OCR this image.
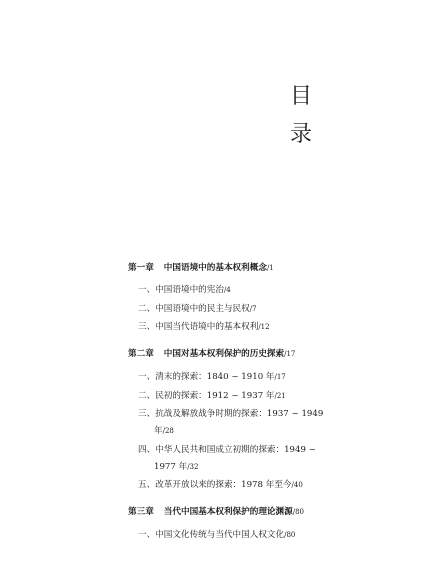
目
录
第一章 中国语境中的基本权利概念/1
一、中国语境中的宪治/4
二、中国语境中的民主与民权/7
三、中国当代语境中的基本权利/12
第二章 中国对基本权利保护的历史探索/17
一、清末的探索：1840 ~ 1910 年/17
二、民初的探索：1912 ~ 1937 年/21
三、抗战及解放战争时期的探索：1937 ~ 1949
年/28
四、中华人民共和国成立初期的探索：1949 ~
1977 年/32
五、改革开放以来的探索：1978 年至今/40
第三章 当代中国基本权利保护的理论渊源/80
一、中国文化传统与当代中国人权文化/80
